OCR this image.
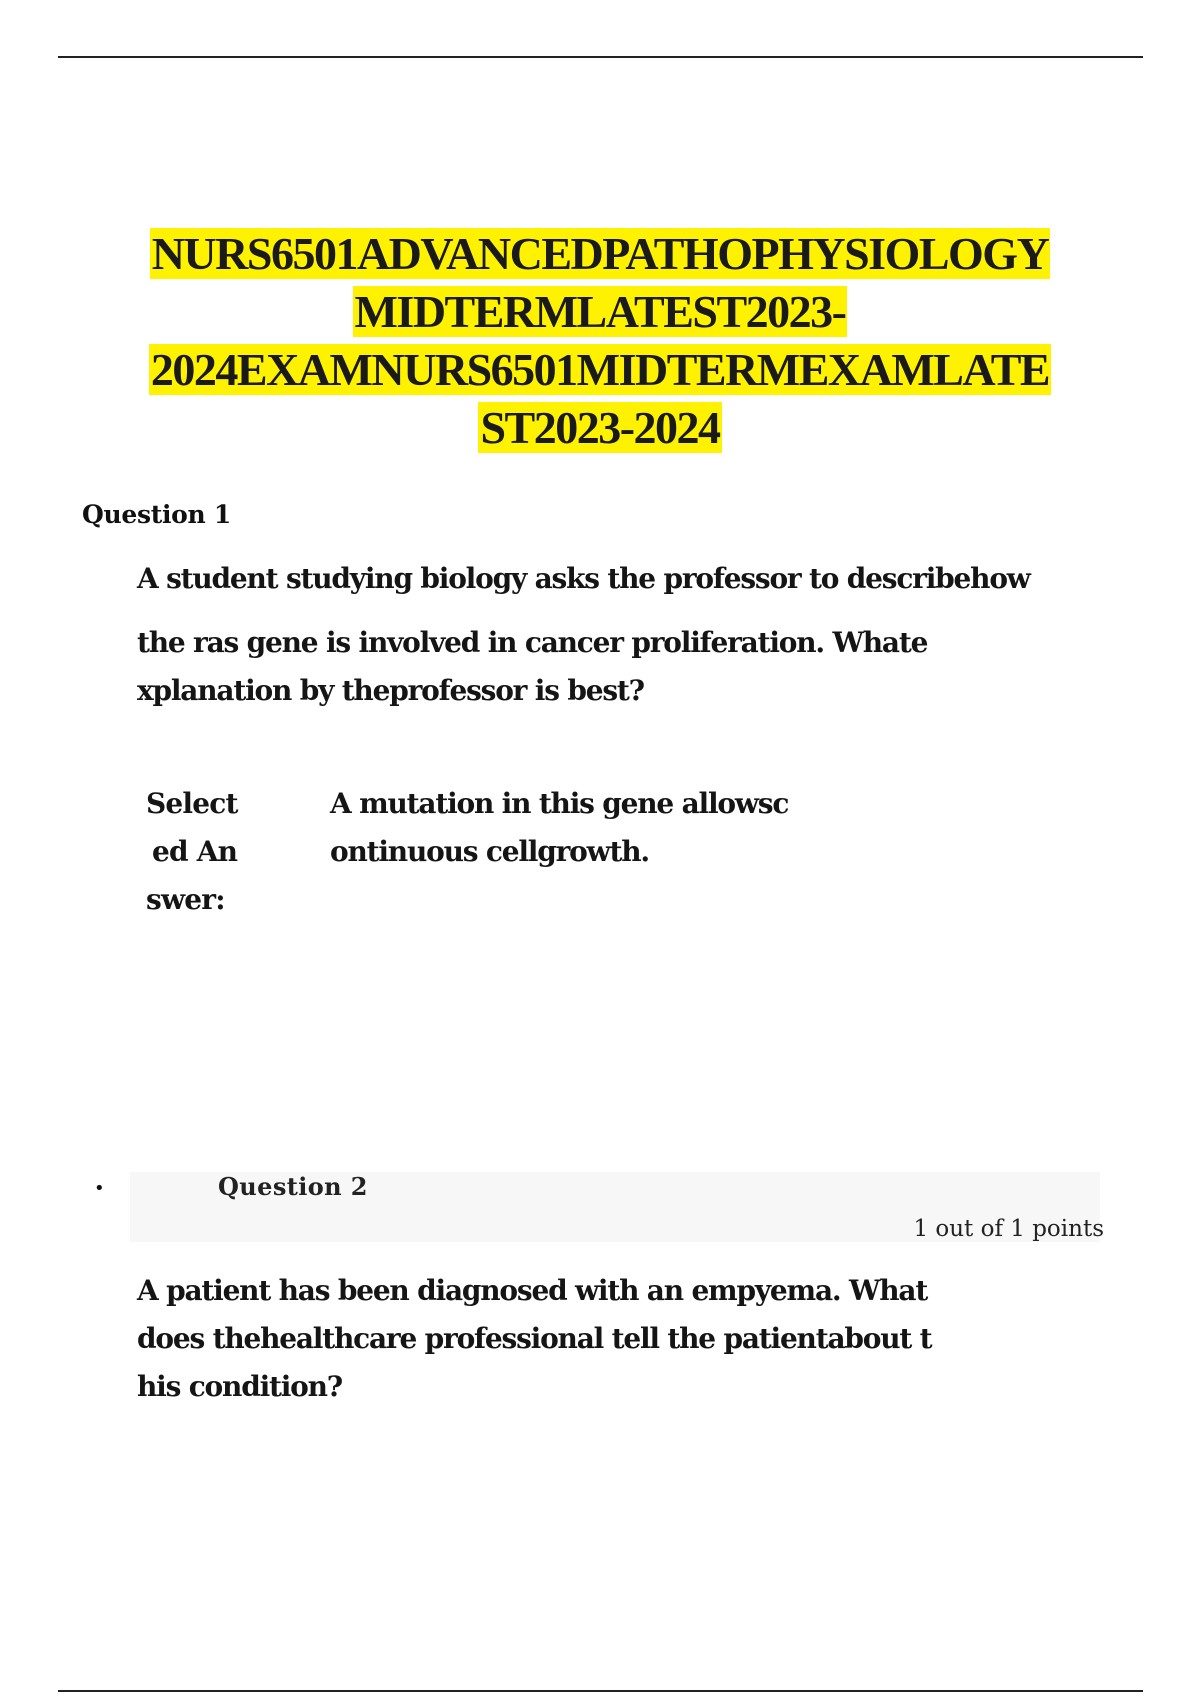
NURS6501ADVANCEDPATHOPHYSIOLOGY
MIDTERMLATEST2023-
2024EXAMNURS6501MIDTERMEXAMLATE
ST2023-2024
Question 1
A student studying biology asks the professor to describehow
the ras gene is involved in cancer proliferation. Whate
xplanation by theprofessor is best?
Select
ed An
swer:
A mutation in this gene allowsc
ontinuous cellgrowth.
•	Question 2
1 out of 1 points
A patient has been diagnosed with an empyema. What
does thehealthcare professional tell the patientabout t
his condition?
